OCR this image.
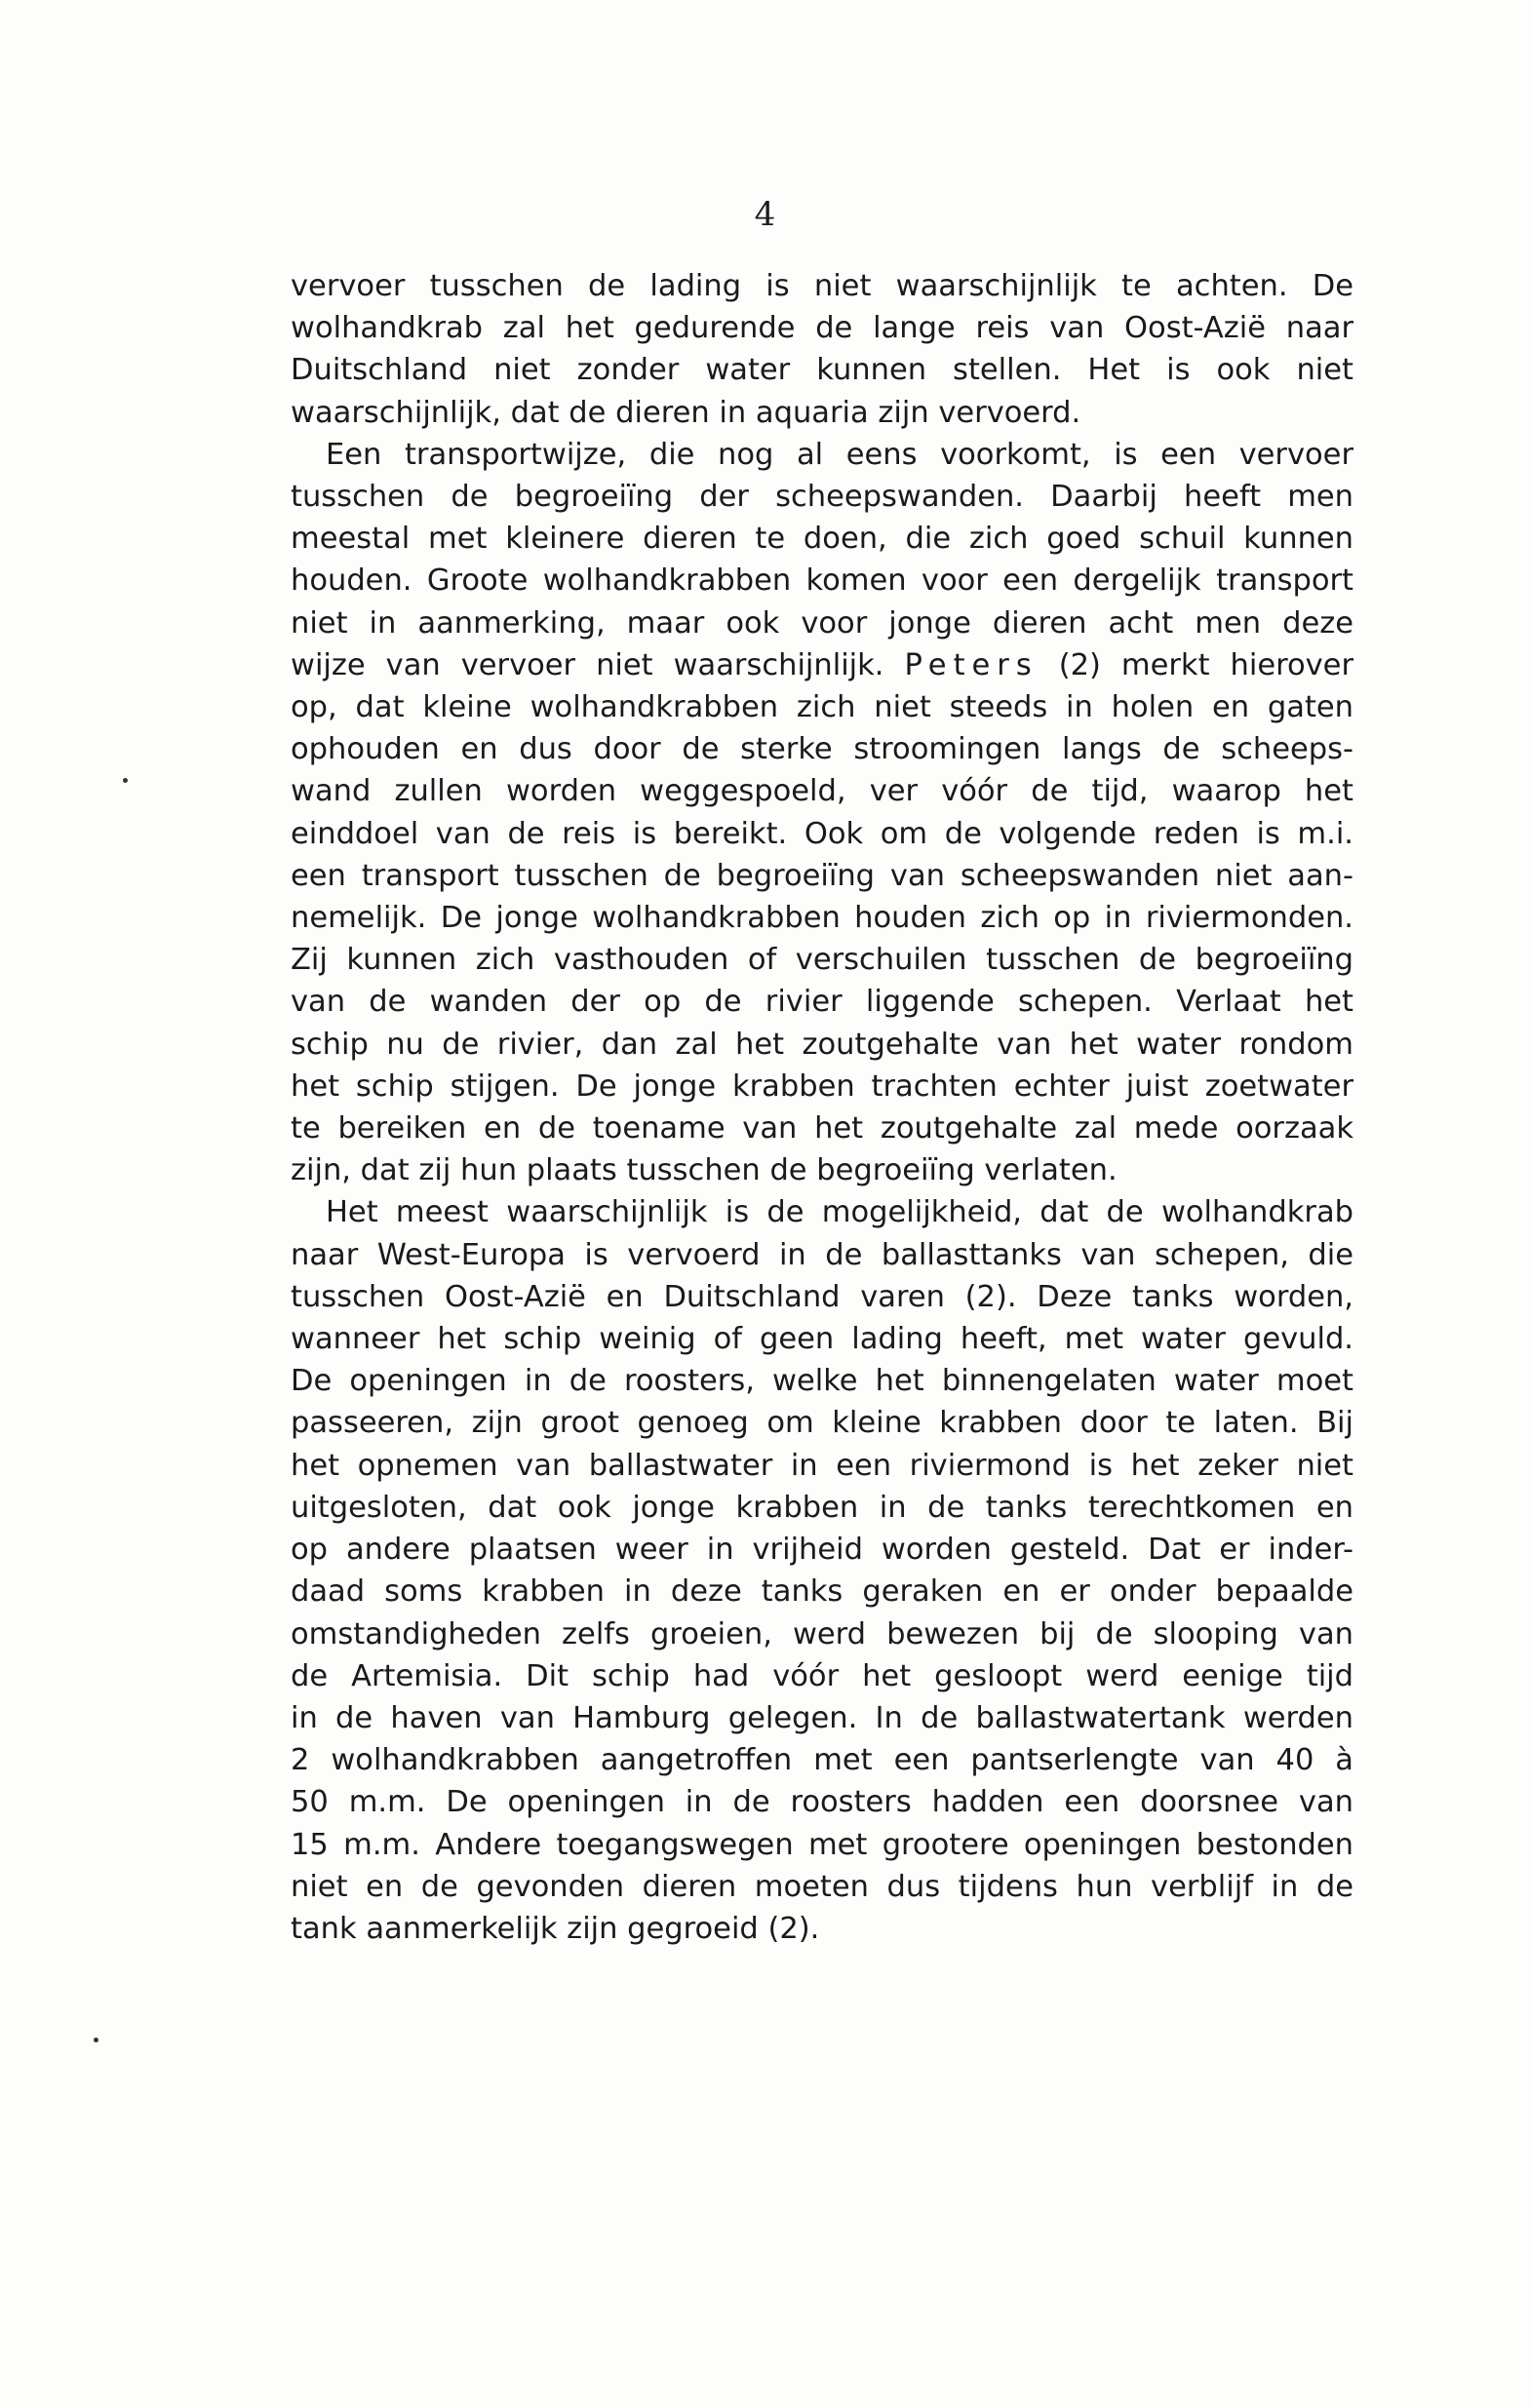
4
vervoer tusschen de lading is niet waarschijnlijk te achten. De
wolhandkrab zal het gedurende de lange reis van Oost-Azië naar
Duitschland niet zonder water kunnen stellen. Het is ook niet
waarschijnlijk, dat de dieren in aquaria zijn vervoerd.
Een transportwijze, die nog al eens voorkomt, is een vervoer
tusschen de begroeiïng der scheepswanden. Daarbij heeft men
meestal met kleinere dieren te doen, die zich goed schuil kunnen
houden. Groote wolhandkrabben komen voor een dergelijk transport
niet in aanmerking, maar ook voor jonge dieren acht men deze
wijze van vervoer niet waarschijnlijk. Peters (2) merkt hierover
op, dat kleine wolhandkrabben zich niet steeds in holen en gaten
ophouden en dus door de sterke stroomingen langs de scheeps-
wand zullen worden weggespoeld, ver vóór de tijd, waarop het
einddoel van de reis is bereikt. Ook om de volgende reden is m.i.
een transport tusschen de begroeiïng van scheepswanden niet aan-
nemelijk. De jonge wolhandkrabben houden zich op in riviermonden.
Zij kunnen zich vasthouden of verschuilen tusschen de begroeiïng
van de wanden der op de rivier liggende schepen. Verlaat het
schip nu de rivier, dan zal het zoutgehalte van het water rondom
het schip stijgen. De jonge krabben trachten echter juist zoetwater
te bereiken en de toename van het zoutgehalte zal mede oorzaak
zijn, dat zij hun plaats tusschen de begroeiïng verlaten.
Het meest waarschijnlijk is de mogelijkheid, dat de wolhandkrab
naar West-Europa is vervoerd in de ballasttanks van schepen, die
tusschen Oost-Azië en Duitschland varen (2). Deze tanks worden,
wanneer het schip weinig of geen lading heeft, met water gevuld.
De openingen in de roosters, welke het binnengelaten water moet
passeeren, zijn groot genoeg om kleine krabben door te laten. Bij
het opnemen van ballastwater in een riviermond is het zeker niet
uitgesloten, dat ook jonge krabben in de tanks terechtkomen en
op andere plaatsen weer in vrijheid worden gesteld. Dat er inder-
daad soms krabben in deze tanks geraken en er onder bepaalde
omstandigheden zelfs groeien, werd bewezen bij de slooping van
de Artemisia. Dit schip had vóór het gesloopt werd eenige tijd
in de haven van Hamburg gelegen. In de ballastwatertank werden
2 wolhandkrabben aangetroffen met een pantserlengte van 40 à
50 m.m. De openingen in de roosters hadden een doorsnee van
15 m.m. Andere toegangswegen met grootere openingen bestonden
niet en de gevonden dieren moeten dus tijdens hun verblijf in de
tank aanmerkelijk zijn gegroeid (2).
